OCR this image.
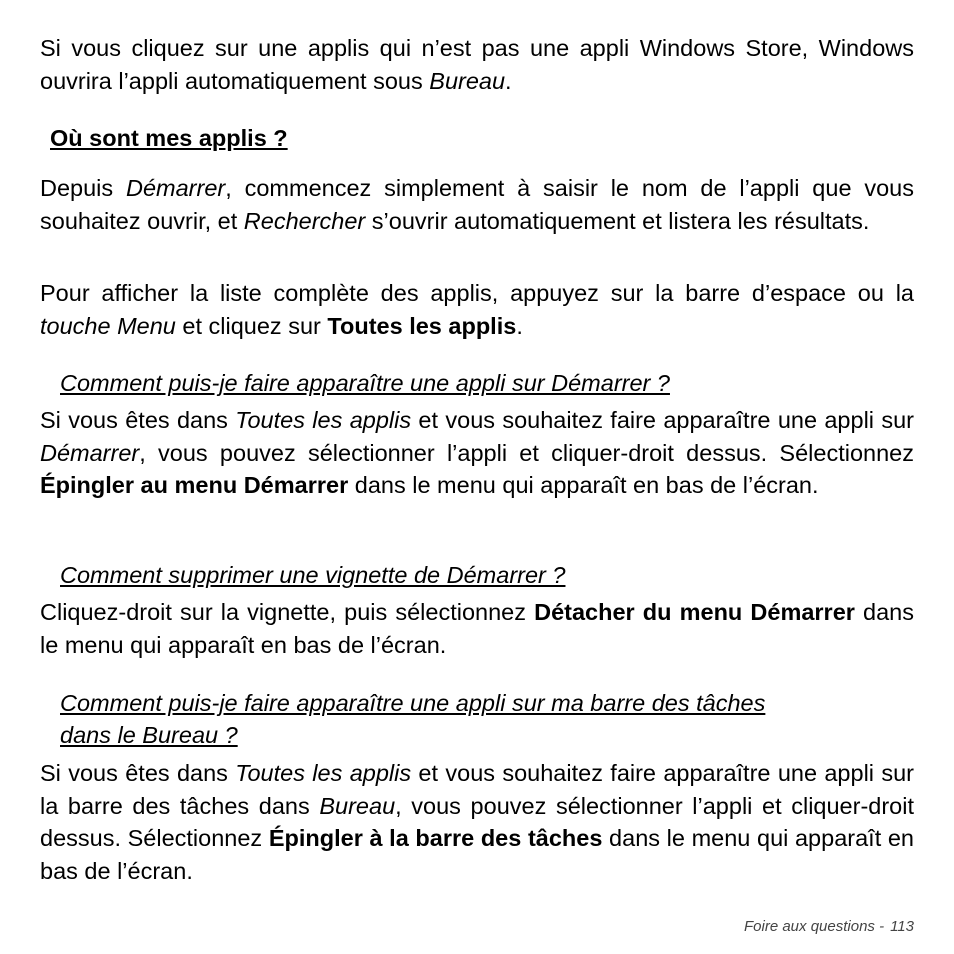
Si vous cliquez sur une applis qui n’est pas une appli Windows Store, Windows ouvrira l’appli automatiquement sous Bureau.

Où sont mes applis ?

Depuis Démarrer, commencez simplement à saisir le nom de l’appli que vous souhaitez ouvrir, et Rechercher s’ouvrir automatiquement et listera les résultats.

Pour afficher la liste complète des applis, appuyez sur la barre d’espace ou la touche Menu et cliquez sur Toutes les applis.

Comment puis-je faire apparaître une appli sur Démarrer ?

Si vous êtes dans Toutes les applis et vous souhaitez faire apparaître une appli sur Démarrer, vous pouvez sélectionner l’appli et cliquer-droit dessus. Sélectionnez Épingler au menu Démarrer dans le menu qui apparaît en bas de l’écran.

Comment supprimer une vignette de Démarrer ?

Cliquez-droit sur la vignette, puis sélectionnez Détacher du menu Démarrer dans le menu qui apparaît en bas de l’écran.

Comment puis-je faire apparaître une appli sur ma barre des tâches
dans le Bureau ?

Si vous êtes dans Toutes les applis et vous souhaitez faire apparaître une appli sur la barre des tâches dans Bureau, vous pouvez sélectionner l’appli et cliquer-droit dessus. Sélectionnez Épingler à la barre des tâches dans le menu qui apparaît en bas de l’écran.

Foire aux questions - 113
